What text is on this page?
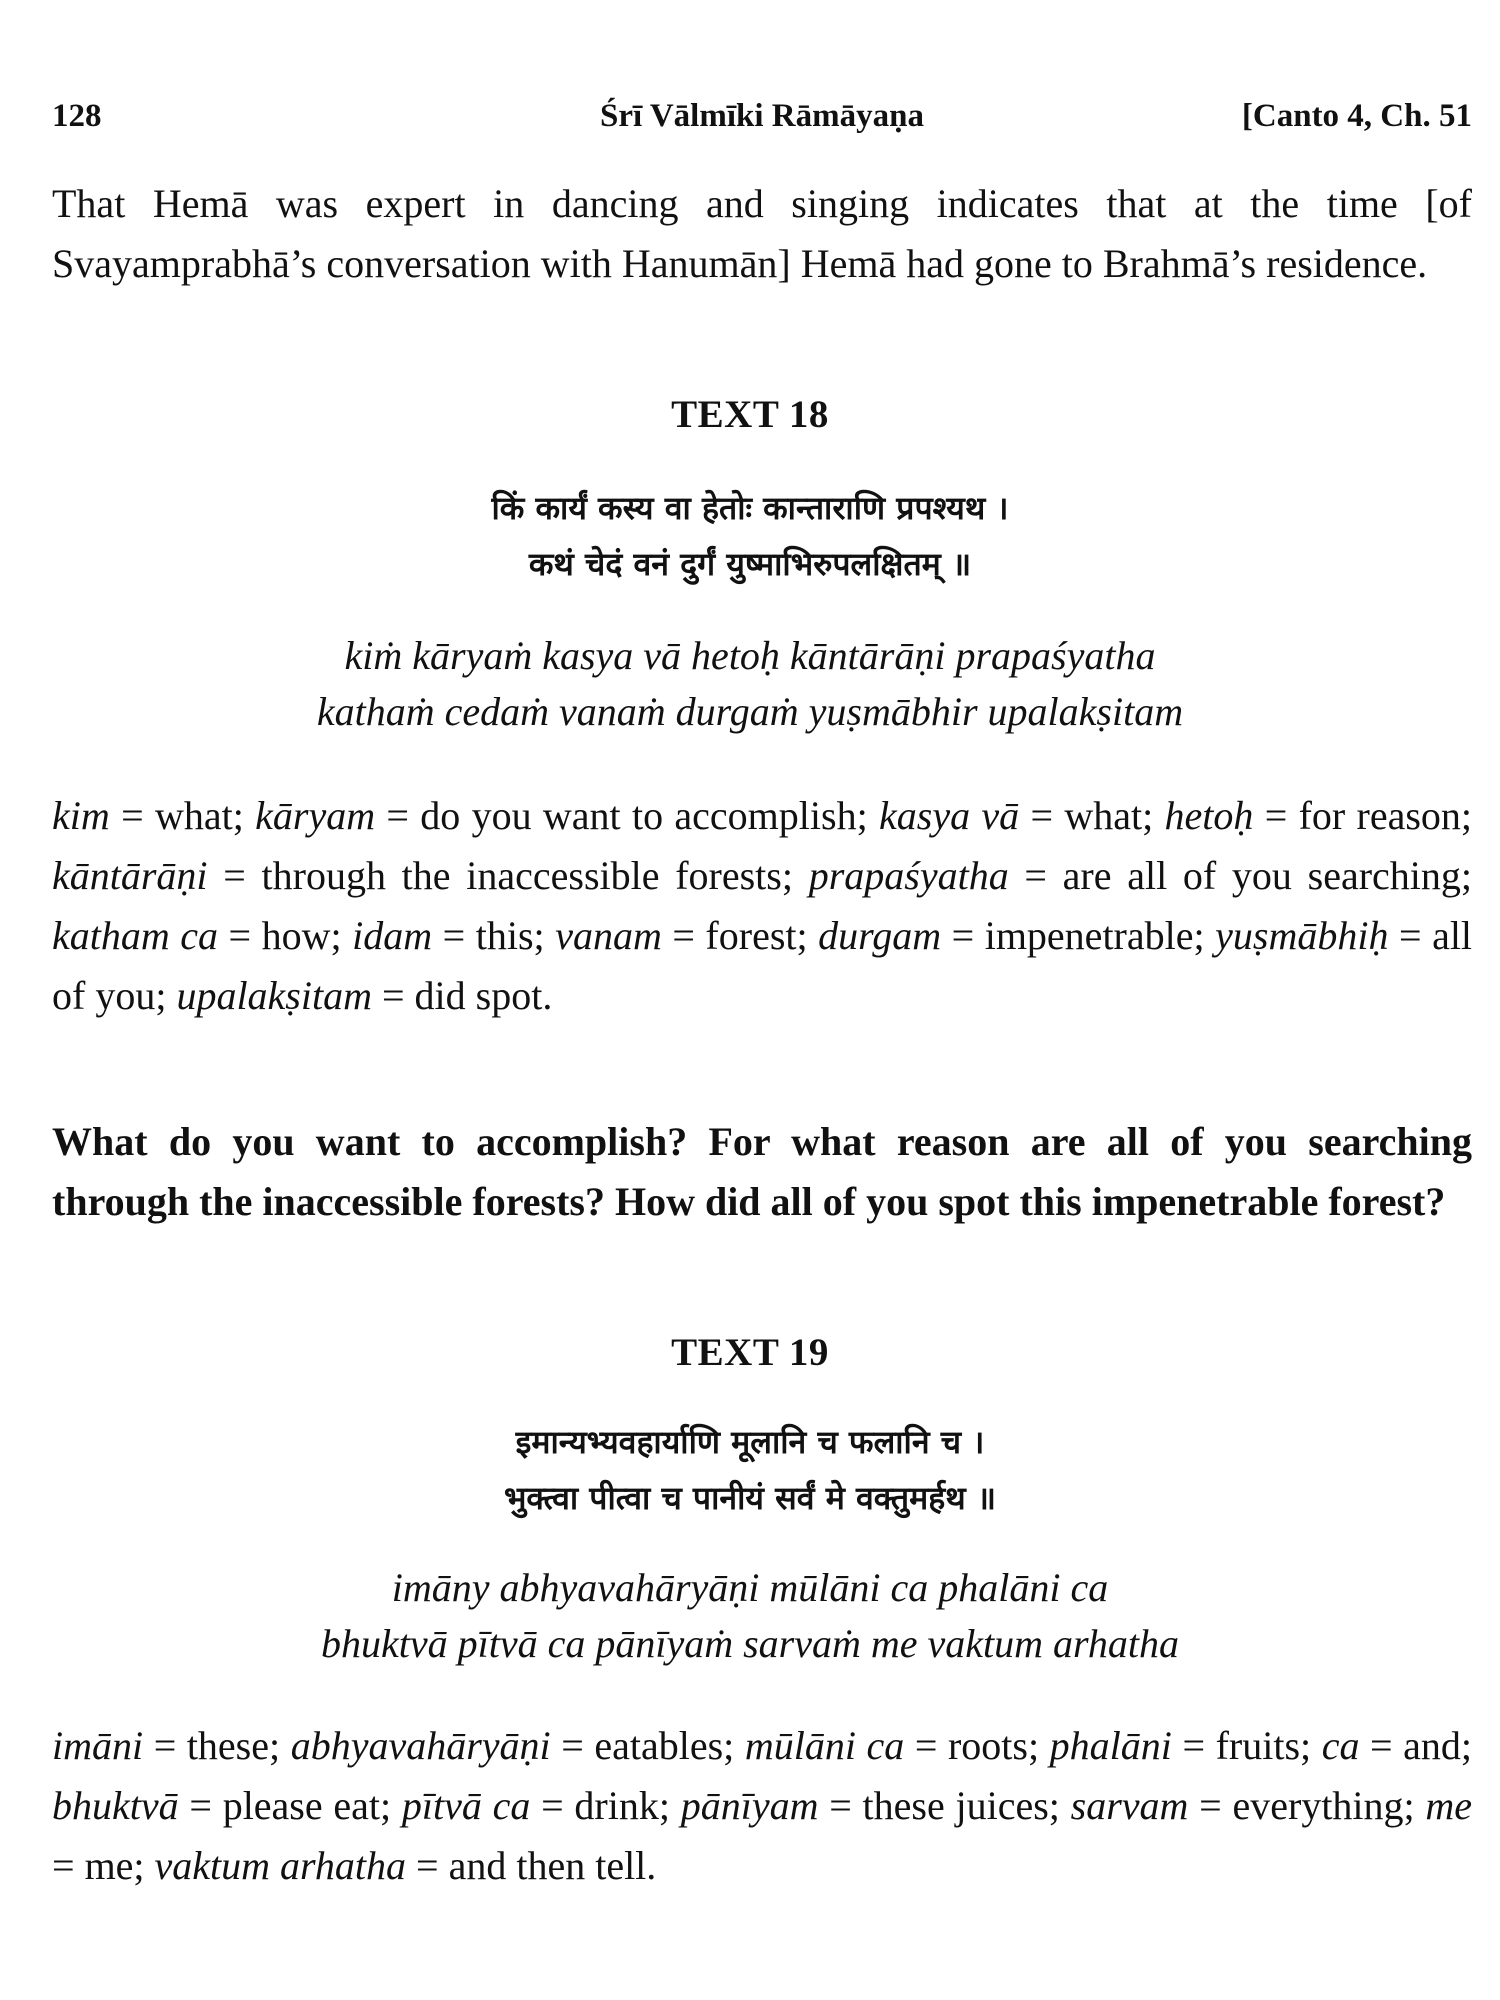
128	Śrī Vālmīki Rāmāyaṇa	[Canto 4, Ch. 51

That Hemā was expert in dancing and singing indicates that at the time [of Svayamprabhā’s conversation with Hanumān] Hemā had gone to Brahmā’s residence.

TEXT 18
किं कार्यं कस्य वा हेतोः कान्ताराणि प्रपश्यथ ।
कथं चेदं वनं दुर्गं युष्माभिरुपलक्षितम् ॥
kiṁ kāryaṁ kasya vā hetoḥ kāntārāṇi prapaśyatha
kathaṁ cedaṁ vanaṁ durgaṁ yuṣmābhir upalakṣitam

kim = what; kāryam = do you want to accomplish; kasya vā = what; hetoḥ = for reason; kāntārāṇi = through the inaccessible forests; prapaśyatha = are all of you searching; katham ca = how; idam = this; vanam = forest; durgam = impenetrable; yuṣmābhiḥ = all of you; upalakṣitam = did spot.

What do you want to accomplish? For what reason are all of you searching through the inaccessible forests? How did all of you spot this impenetrable forest?

TEXT 19
इमान्यभ्यवहार्याणि मूलानि च फलानि च ।
भुक्त्वा पीत्वा च पानीयं सर्वं मे वक्तुमर्हथ ॥
imāny abhyavahāryāṇi mūlāni ca phalāni ca
bhuktvā pītvā ca pānīyaṁ sarvaṁ me vaktum arhatha

imāni = these; abhyavahāryāṇi = eatables; mūlāni ca = roots; phalāni = fruits; ca = and; bhuktvā = please eat; pītvā ca = drink; pānīyam = these juices; sarvam = everything; me = me; vaktum arhatha = and then tell.
